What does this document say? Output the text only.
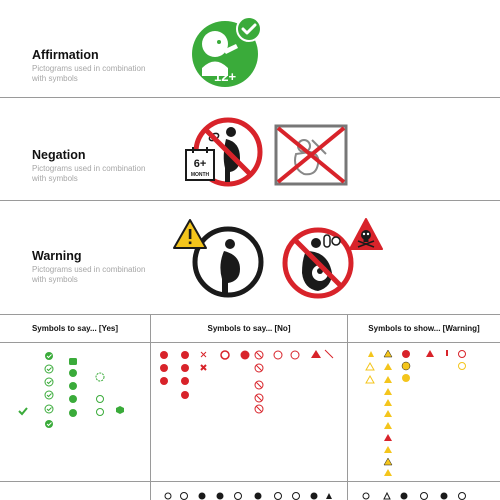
Affirmation
Pictograms used in combination with symbols	12+
Negation
Pictograms used in combination with symbols
6+
MONTH
Warning
Pictograms used in combination with symbols
Symbols to say... [Yes]	Symbols to say... [No]	Symbols to show... [Warning]
